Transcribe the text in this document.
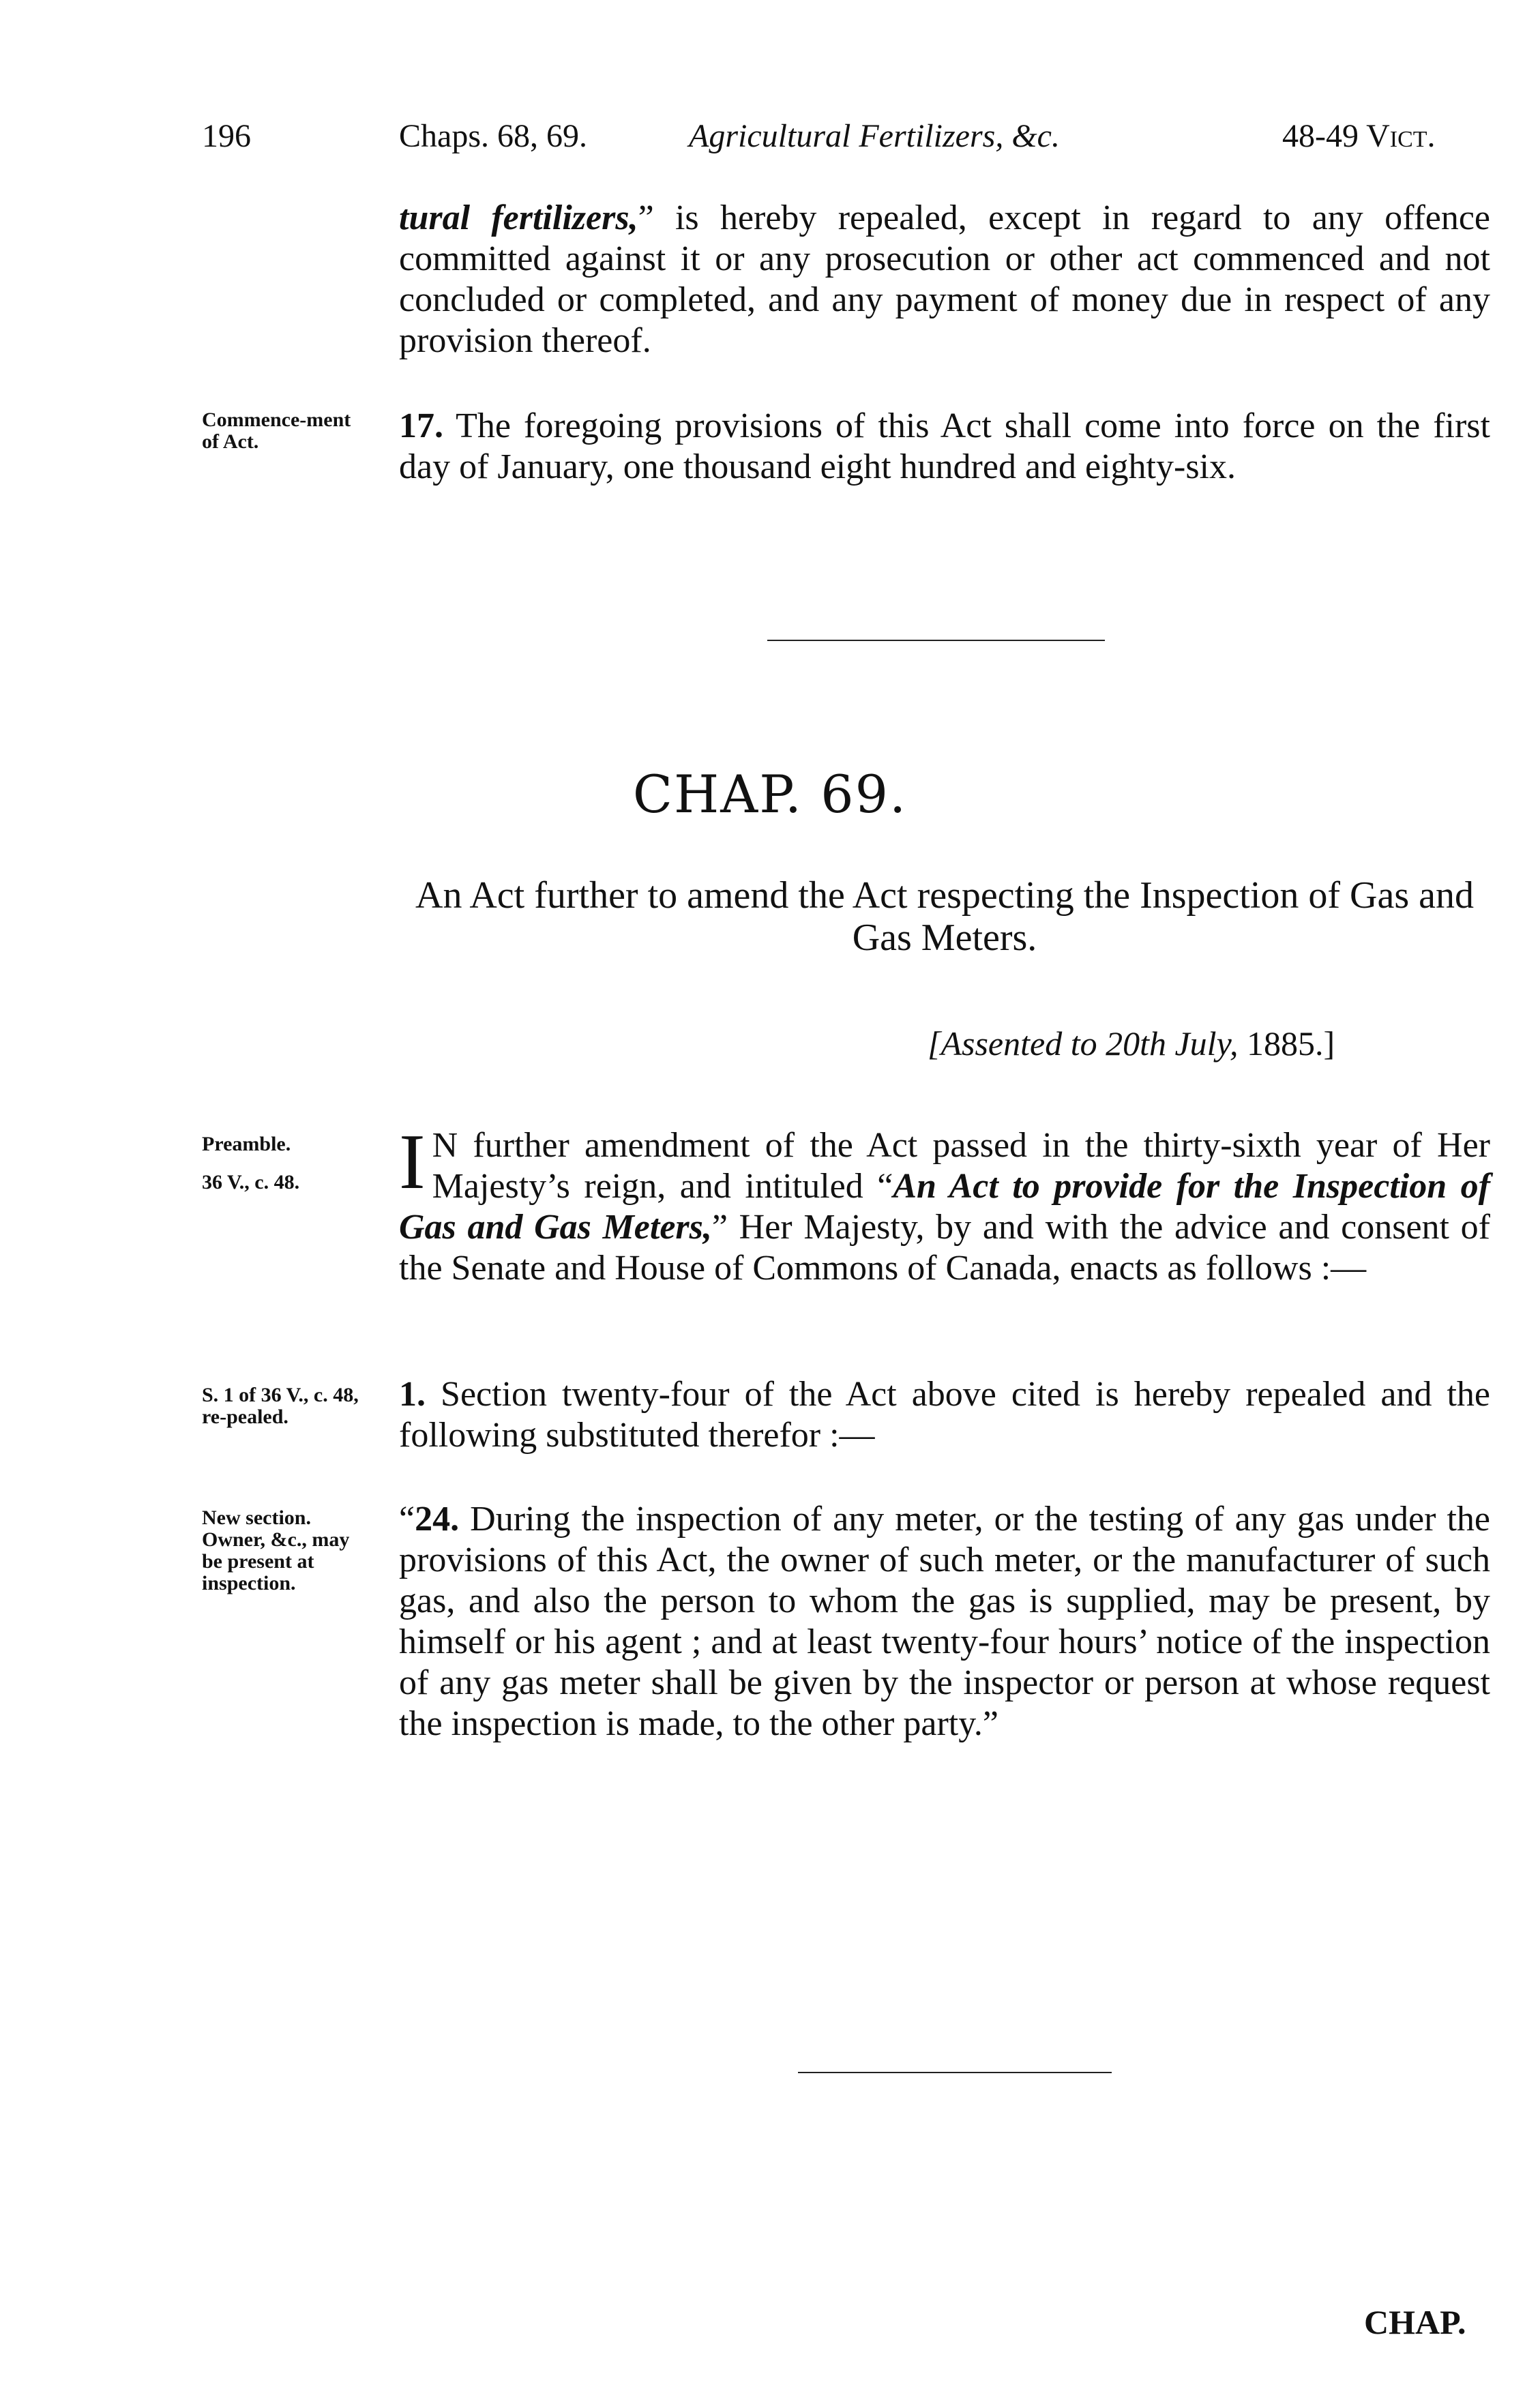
196	Chaps. 68, 69.	Agricultural Fertilizers, &c.	48-49 Vict.
tural fertilizers,” is hereby repealed, except in regard to any offence committed against it or any prosecution or other act commenced and not concluded or completed, and any payment of money due in respect of any provision thereof.
Commence-ment of Act.	17. The foregoing provisions of this Act shall come into force on the first day of January, one thousand eight hundred and eighty-six.
CHAP. 69.
An Act further to amend the Act respecting the Inspection of Gas and Gas Meters.
[Assented to 20th July, 1885.]
Preamble.
36 V., c. 48. I N further amendment of the Act passed in the thirty-sixth year of Her Majesty’s reign, and intituled “An Act to provide for the Inspection of Gas and Gas Meters,” Her Majesty, by and with the advice and consent of the Senate and House of Commons of Canada, enacts as follows :—
S. 1 of 36 V., c. 48, re-pealed.
1. Section twenty-four of the Act above cited is hereby repealed and the following substituted therefor :—
New section. Owner, &c., may be present at inspection.
“24. During the inspection of any meter, or the testing of any gas under the provisions of this Act, the owner of such meter, or the manufacturer of such gas, and also the person to whom the gas is supplied, may be present, by himself or his agent ; and at least twenty-four hours’ notice of the inspection of any gas meter shall be given by the inspector or person at whose request the inspection is made, to the other party.”
CHAP.
